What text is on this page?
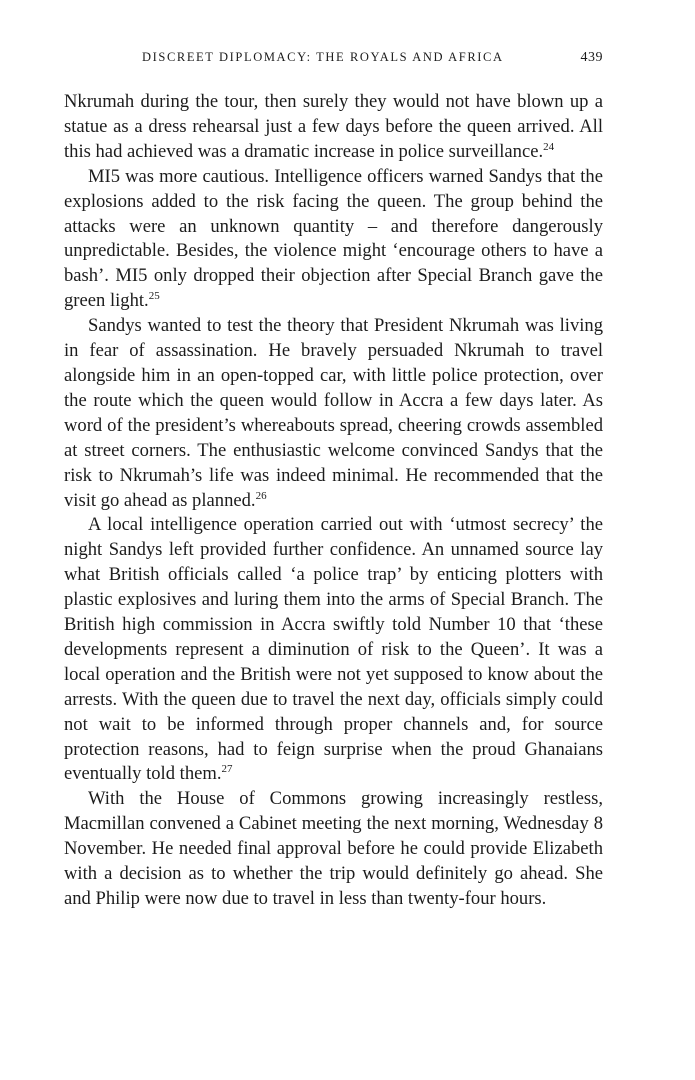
DISCREET DIPLOMACY: THE ROYALS AND AFRICA	439

Nkrumah during the tour, then surely they would not have blown up a statue as a dress rehearsal just a few days before the queen arrived. All this had achieved was a dramatic increase in police surveillance.$^{24}$

MI5 was more cautious. Intelligence officers warned Sandys that the explosions added to the risk facing the queen. The group behind the attacks were an unknown quantity – and therefore dangerously unpredictable. Besides, the violence might ‘encourage others to have a bash’. MI5 only dropped their objection after Special Branch gave the green light.$^{25}$

Sandys wanted to test the theory that President Nkrumah was living in fear of assassination. He bravely persuaded Nkrumah to travel alongside him in an open-topped car, with little police protection, over the route which the queen would follow in Accra a few days later. As word of the president’s whereabouts spread, cheering crowds assembled at street corners. The enthusiastic welcome convinced Sandys that the risk to Nkrumah’s life was indeed minimal. He recommended that the visit go ahead as planned.$^{26}$

A local intelligence operation carried out with ‘utmost secrecy’ the night Sandys left provided further confidence. An unnamed source lay what British officials called ‘a police trap’ by enticing plotters with plastic explosives and luring them into the arms of Special Branch. The British high commission in Accra swiftly told Number 10 that ‘these developments represent a diminution of risk to the Queen’. It was a local operation and the British were not yet supposed to know about the arrests. With the queen due to travel the next day, officials simply could not wait to be informed through proper channels and, for source protection reasons, had to feign surprise when the proud Ghanaians eventually told them.$^{27}$

With the House of Commons growing increasingly restless, Macmillan convened a Cabinet meeting the next morning, Wednesday 8 November. He needed final approval before he could provide Elizabeth with a decision as to whether the trip would definitely go ahead. She and Philip were now due to travel in less than twenty-four hours.
